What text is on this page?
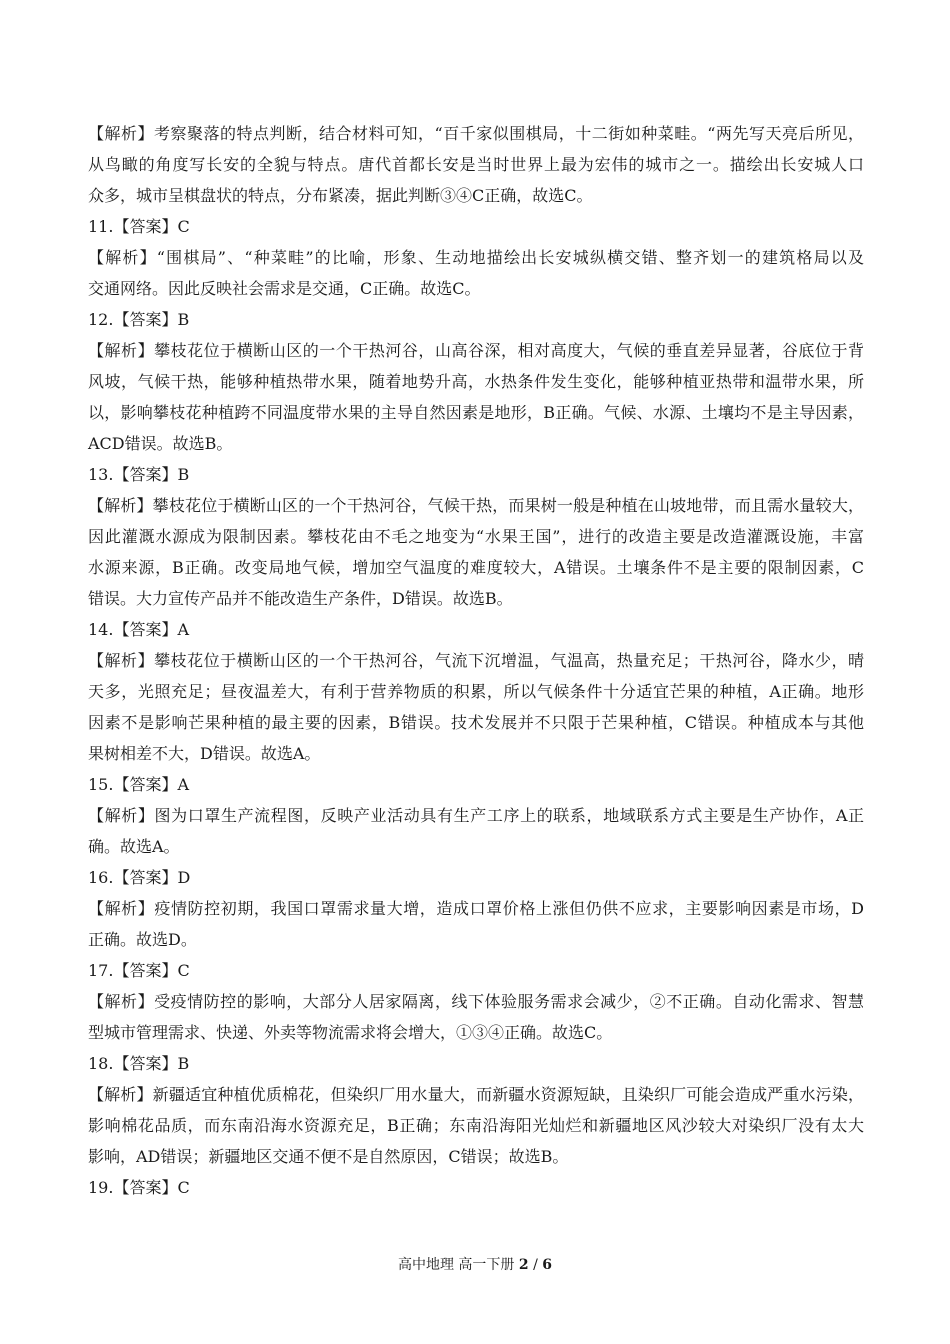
【解析】考察聚落的特点判断，结合材料可知，“百千家似围棋局，十二街如种菜畦。“两先写天亮后所见，
从鸟瞰的角度写长安的全貌与特点。唐代首都长安是当时世界上最为宏伟的城市之一。描绘出长安城人口
众多，城市呈棋盘状的特点，分布紧凑，据此判断③④C正确，故选C。
11.【答案】C
【解析】“围棋局”、“种菜畦”的比喻，形象、生动地描绘出长安城纵横交错、整齐划一的建筑格局以及
交通网络。因此反映社会需求是交通，C正确。故选C。
12.【答案】B
【解析】攀枝花位于横断山区的一个干热河谷，山高谷深，相对高度大，气候的垂直差异显著，谷底位于背
风坡，气候干热，能够种植热带水果，随着地势升高，水热条件发生变化，能够种植亚热带和温带水果，所
以，影响攀枝花种植跨不同温度带水果的主导自然因素是地形，B正确。气候、水源、土壤均不是主导因素，
ACD错误。故选B。
13.【答案】B
【解析】攀枝花位于横断山区的一个干热河谷，气候干热，而果树一般是种植在山坡地带，而且需水量较大，
因此灌溉水源成为限制因素。攀枝花由不毛之地变为“水果王国”，进行的改造主要是改造灌溉设施，丰富
水源来源，B正确。改变局地气候，增加空气温度的难度较大，A错误。土壤条件不是主要的限制因素，C
错误。大力宣传产品并不能改造生产条件，D错误。故选B。
14.【答案】A
【解析】攀枝花位于横断山区的一个干热河谷，气流下沉增温，气温高，热量充足；干热河谷，降水少，晴
天多，光照充足；昼夜温差大，有利于营养物质的积累，所以气候条件十分适宜芒果的种植，A正确。地形
因素不是影响芒果种植的最主要的因素，B错误。技术发展并不只限于芒果种植，C错误。种植成本与其他
果树相差不大，D错误。故选A。
15.【答案】A
【解析】图为口罩生产流程图，反映产业活动具有生产工序上的联系，地域联系方式主要是生产协作，A正
确。故选A。
16.【答案】D
【解析】疫情防控初期，我国口罩需求量大增，造成口罩价格上涨但仍供不应求，主要影响因素是市场，D
正确。故选D。
17.【答案】C
【解析】受疫情防控的影响，大部分人居家隔离，线下体验服务需求会减少，②不正确。自动化需求、智慧
型城市管理需求、快递、外卖等物流需求将会增大，①③④正确。故选C。
18.【答案】B
【解析】新疆适宜种植优质棉花，但染织厂用水量大，而新疆水资源短缺，且染织厂可能会造成严重水污染，
影响棉花品质，而东南沿海水资源充足，B正确；东南沿海阳光灿烂和新疆地区风沙较大对染织厂没有太大
影响，AD错误；新疆地区交通不便不是自然原因，C错误；故选B。
19.【答案】C
高中地理 高一下册 2 / 6
